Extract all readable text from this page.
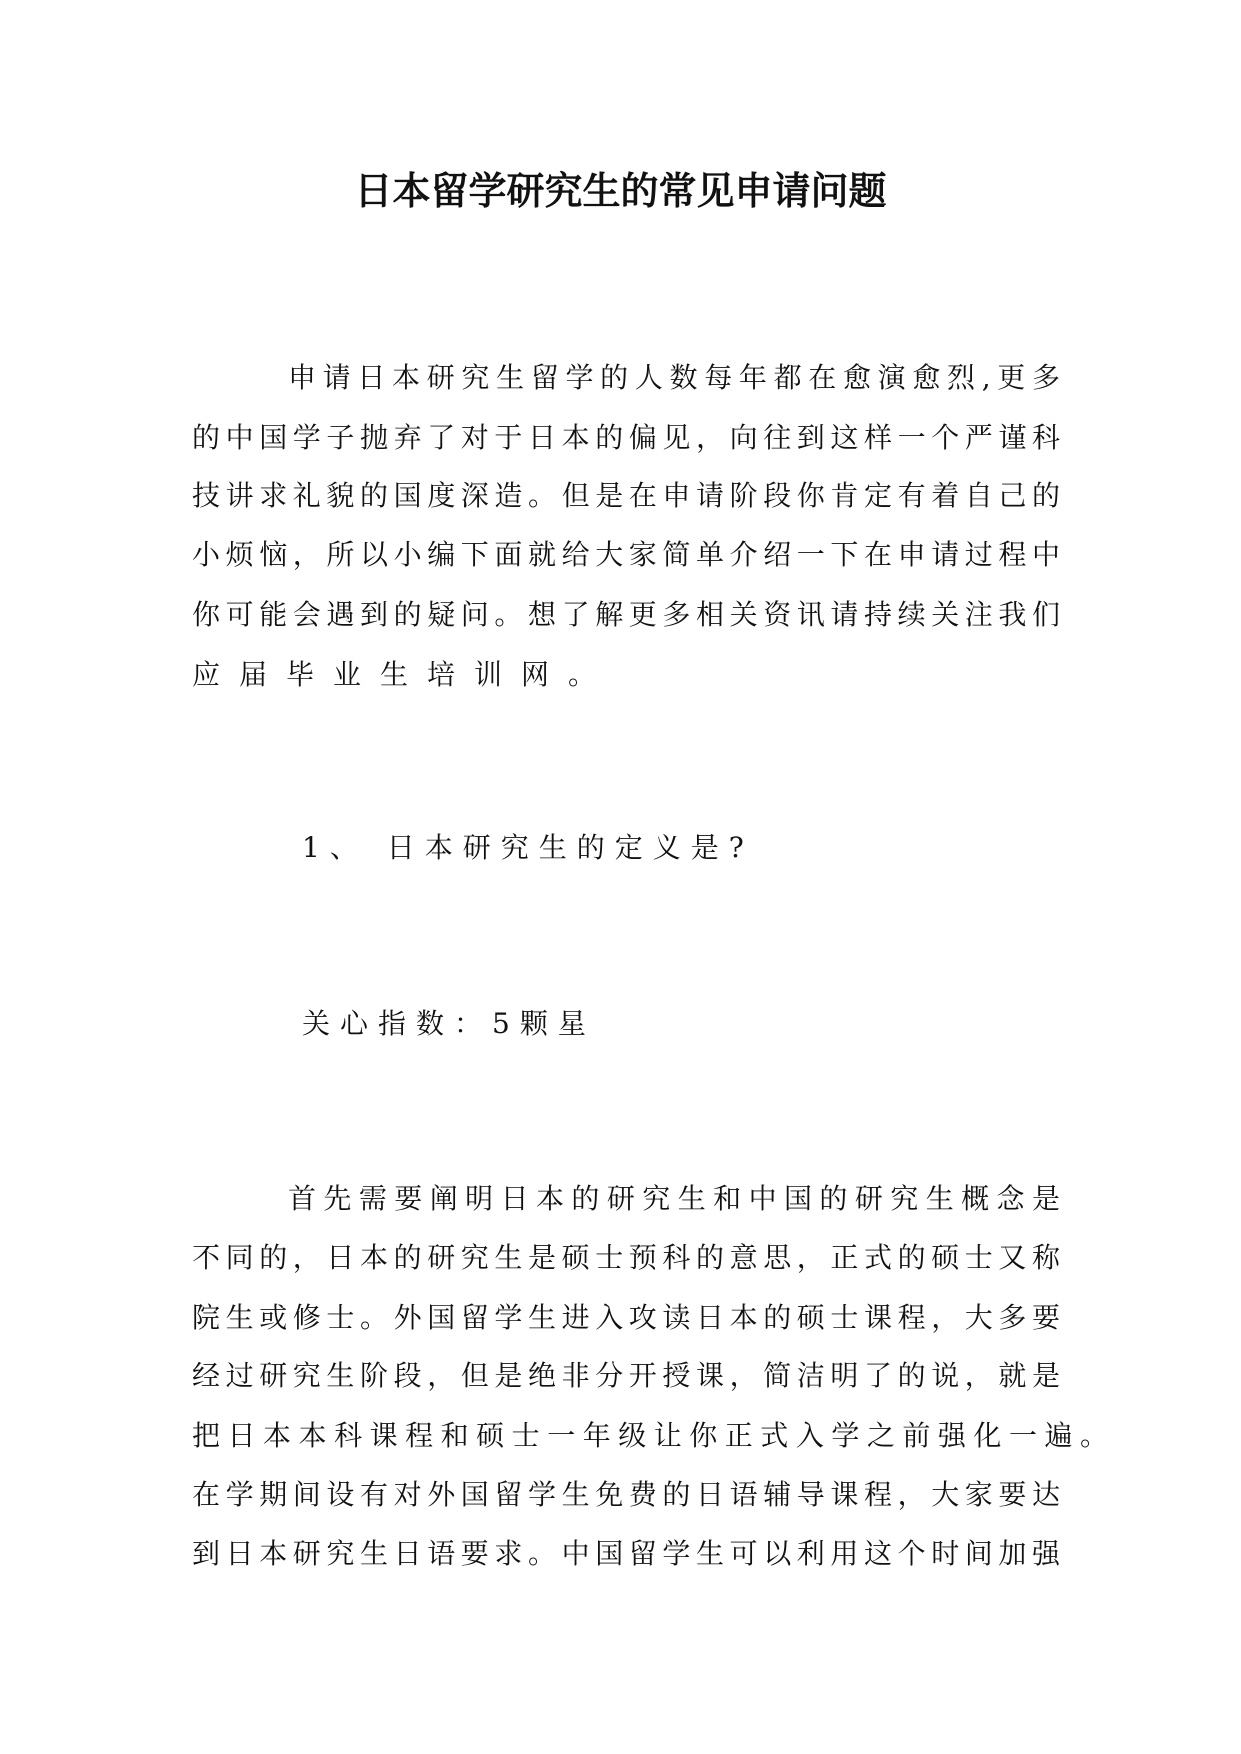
日本留学研究生的常见申请问题
申请日本研究生留学的人数每年都在愈演愈烈,更多
的中国学子抛弃了对于日本的偏见，向往到这样一个严谨科
技讲求礼貌的国度深造。但是在申请阶段你肯定有着自己的
小烦恼，所以小编下面就给大家简单介绍一下在申请过程中
你可能会遇到的疑问。想了解更多相关资讯请持续关注我们
应届毕业生培训网。
1、 日本研究生的定义是?
关心指数：5颗星
首先需要阐明日本的研究生和中国的研究生概念是
不同的，日本的研究生是硕士预科的意思，正式的硕士又称
院生或修士。外国留学生进入攻读日本的硕士课程，大多要
经过研究生阶段，但是绝非分开授课，简洁明了的说，就是
把日本本科课程和硕士一年级让你正式入学之前强化一遍。
在学期间设有对外国留学生免费的日语辅导课程，大家要达
到日本研究生日语要求。中国留学生可以利用这个时间加强
